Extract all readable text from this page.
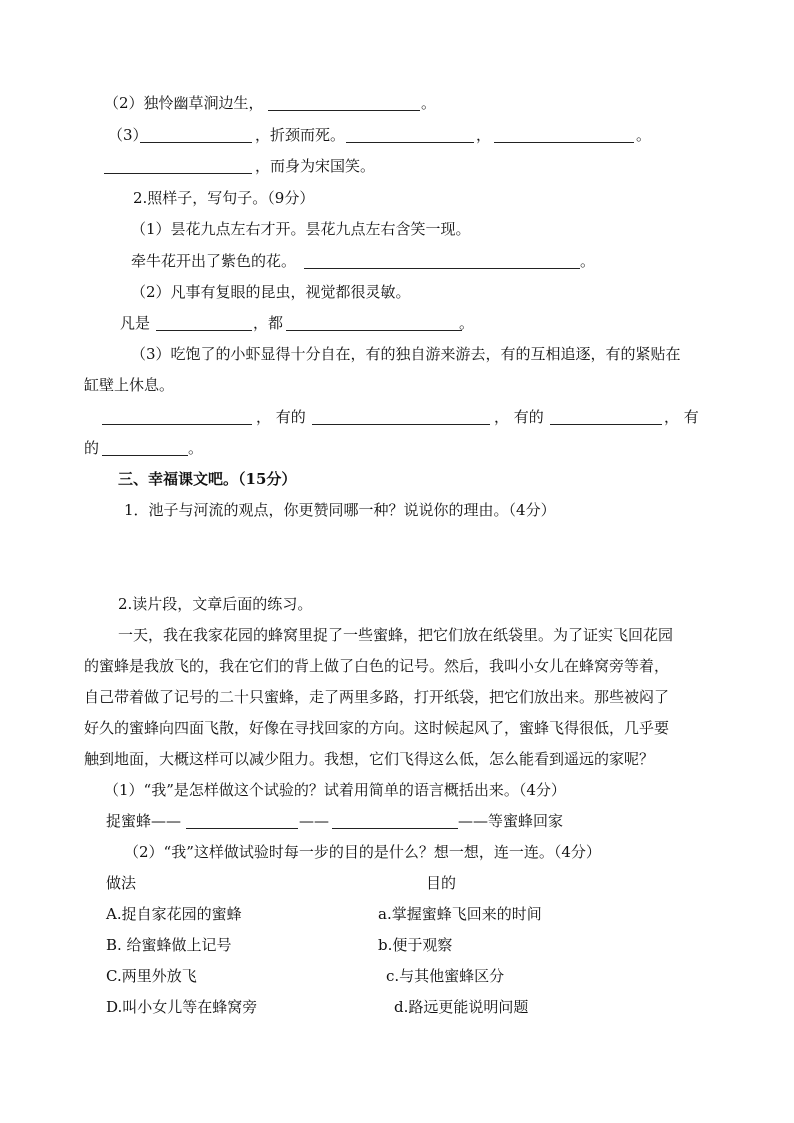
（2）独怜幽草涧边生，	。
（3）	，折颈而死。	，	。
，而身为宋国笑。
2.照样子，写句子。（9分）
（1）昙花九点左右才开。昙花九点左右含笑一现。
牵牛花开出了紫色的花。	。
（2）凡事有复眼的昆虫，视觉都很灵敏。
凡是	，都	。
（3）吃饱了的小虾显得十分自在，有的独自游来游去，有的互相追逐，有的紧贴在
缸壁上休息。
， 有的	， 有的	， 有
的	。
三、幸福课文吧。（15分）
1．池子与河流的观点，你更赞同哪一种？说说你的理由。（4分）
2.读片段，文章后面的练习。
一天，我在我家花园的蜂窝里捉了一些蜜蜂，把它们放在纸袋里。为了证实飞回花园
的蜜蜂是我放飞的，我在它们的背上做了白色的记号。然后，我叫小女儿在蜂窝旁等着，
自己带着做了记号的二十只蜜蜂，走了两里多路，打开纸袋，把它们放出来。那些被闷了
好久的蜜蜂向四面飞散，好像在寻找回家的方向。这时候起风了，蜜蜂飞得很低，几乎要
触到地面，大概这样可以减少阻力。我想，它们飞得这么低，怎么能看到遥远的家呢？
（1）“我”是怎样做这个试验的？试着用简单的语言概括出来。（4分）
捉蜜蜂——	——	——等蜜蜂回家
（2）“我”这样做试验时每一步的目的是什么？想一想，连一连。（4分）
做法	目的
A.捉自家花园的蜜蜂	a.掌握蜜蜂飞回来的时间
B. 给蜜蜂做上记号	b.便于观察
C.两里外放飞	c.与其他蜜蜂区分
D.叫小女儿等在蜂窝旁	d.路远更能说明问题
